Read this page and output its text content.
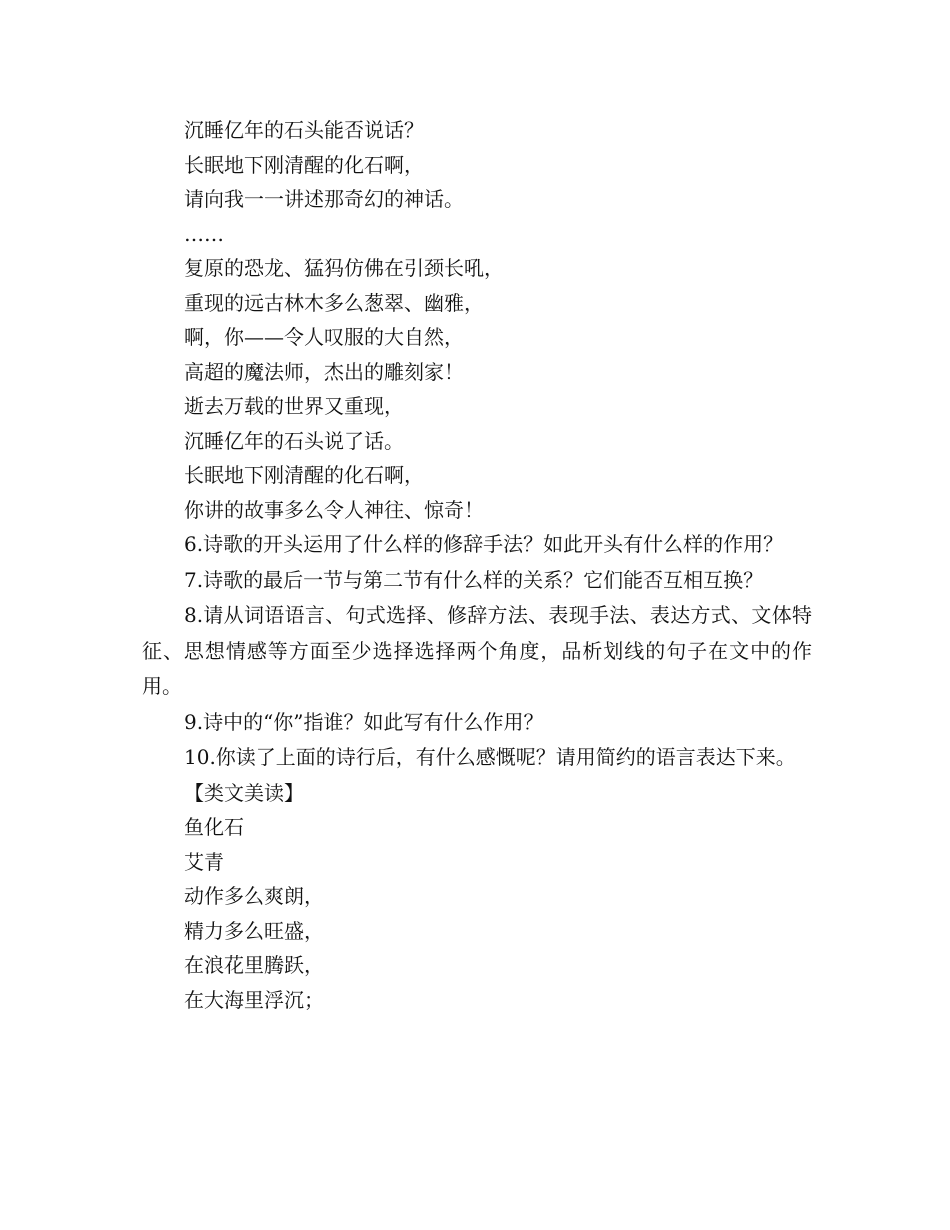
沉睡亿年的石头能否说话？

长眠地下刚清醒的化石啊，

请向我一一讲述那奇幻的神话。

……

复原的恐龙、猛犸仿佛在引颈长吼，

重现的远古林木多么葱翠、幽雅，

啊，你——令人叹服的大自然，

高超的魔法师，杰出的雕刻家！

逝去万载的世界又重现，

沉睡亿年的石头说了话。

长眠地下刚清醒的化石啊，

你讲的故事多么令人神往、惊奇！

6.诗歌的开头运用了什么样的修辞手法？如此开头有什么样的作用？

7.诗歌的最后一节与第二节有什么样的关系？它们能否互相互换？

8.请从词语语言、句式选择、修辞方法、表现手法、表达方式、文体特征、思想情感等方面至少选择选择两个角度，品析划线的句子在文中的作用。

9.诗中的“你”指谁？如此写有什么作用？

10.你读了上面的诗行后，有什么感慨呢？请用简约的语言表达下来。

【类文美读】

鱼化石

艾青

动作多么爽朗，

精力多么旺盛，

在浪花里腾跃，

在大海里浮沉；
